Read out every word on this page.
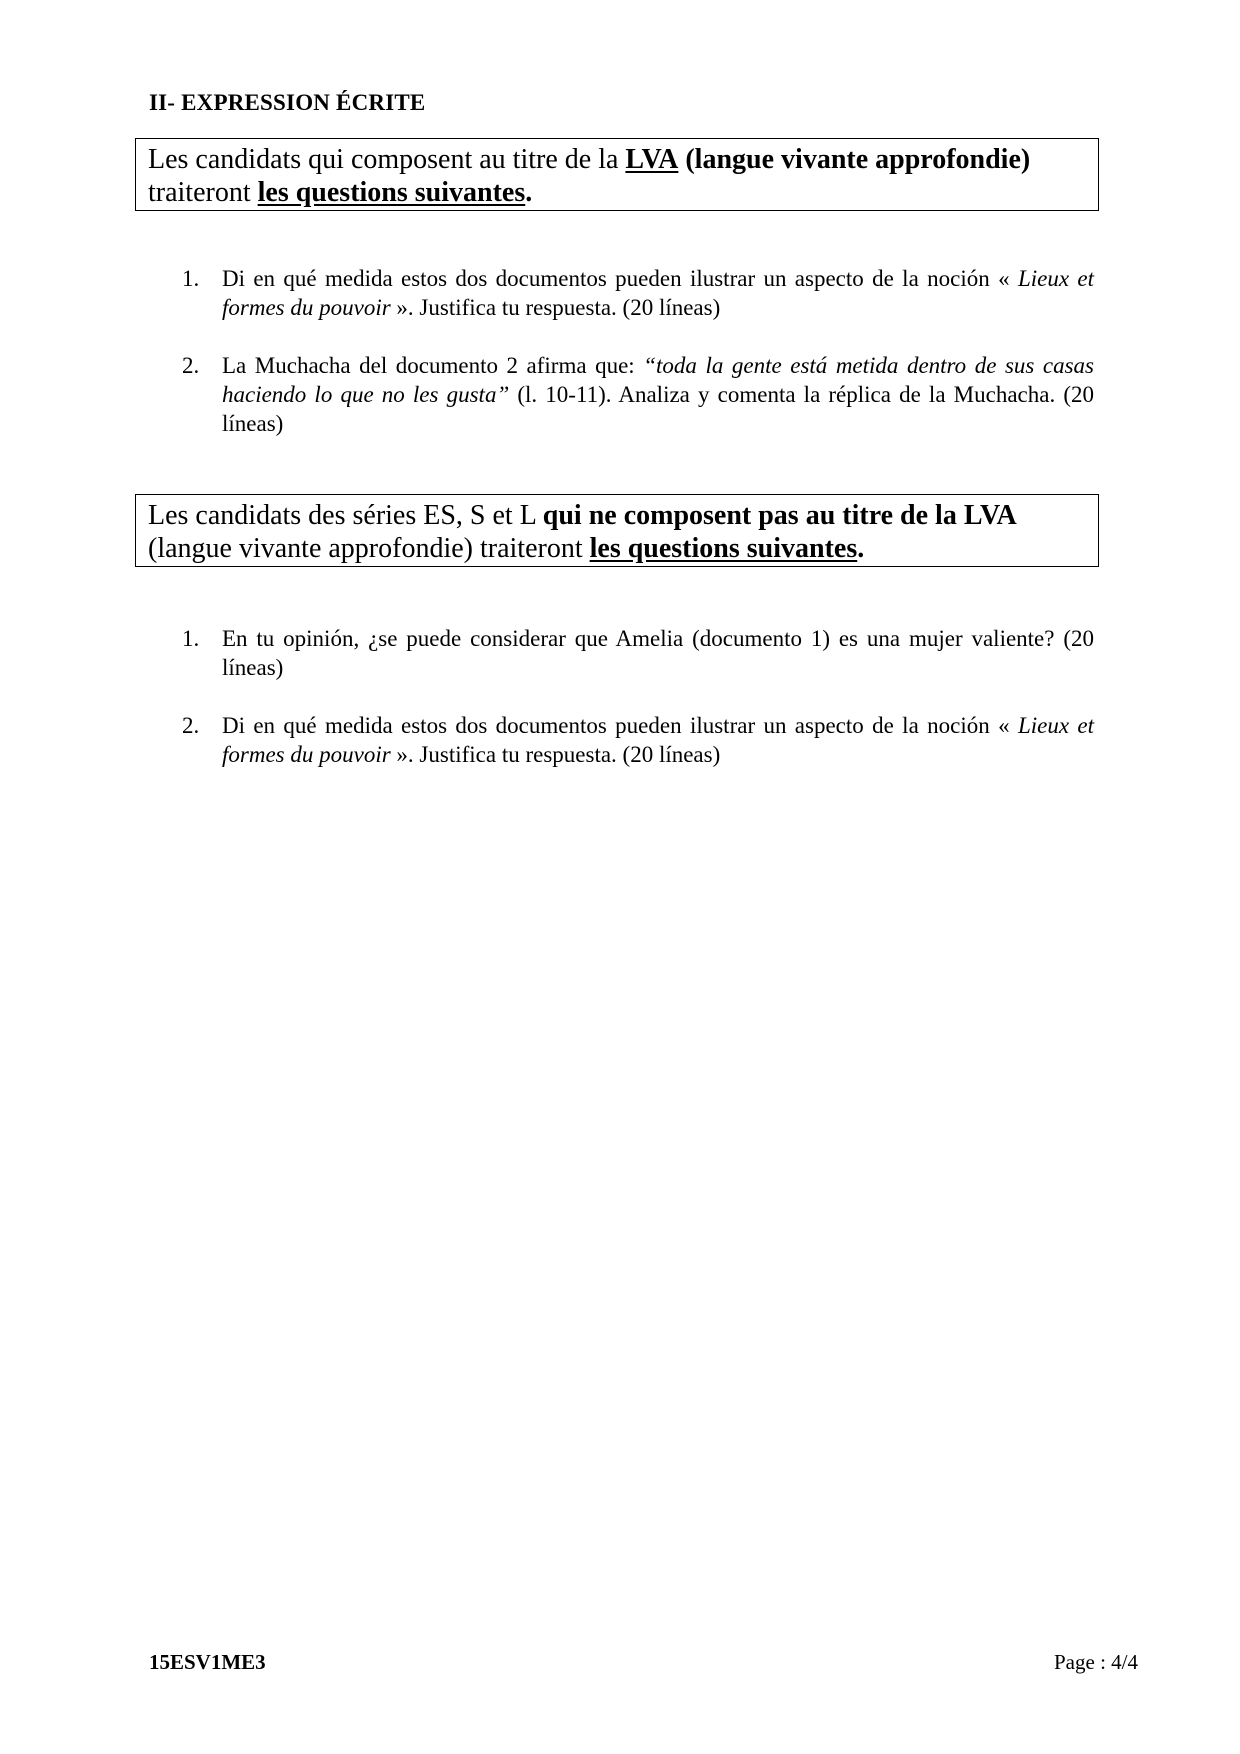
II- EXPRESSION ÉCRITE
Les candidats qui composent au titre de la LVA (langue vivante approfondie)
traiteront les questions suivantes.
1. Di en qué medida estos dos documentos pueden ilustrar un aspecto de la noción « Lieux et formes du pouvoir ». Justifica tu respuesta. (20 líneas)
2. La Muchacha del documento 2 afirma que: “toda la gente está metida dentro de sus casas haciendo lo que no les gusta” (l. 10-11). Analiza y comenta la réplica de la Muchacha. (20 líneas)
Les candidats des séries ES, S et L qui ne composent pas au titre de la LVA
(langue vivante approfondie) traiteront les questions suivantes.
1. En tu opinión, ¿se puede considerar que Amelia (documento 1) es una mujer valiente? (20 líneas)
2. Di en qué medida estos dos documentos pueden ilustrar un aspecto de la noción « Lieux et formes du pouvoir ». Justifica tu respuesta. (20 líneas)
15ESV1ME3	Page : 4/4
